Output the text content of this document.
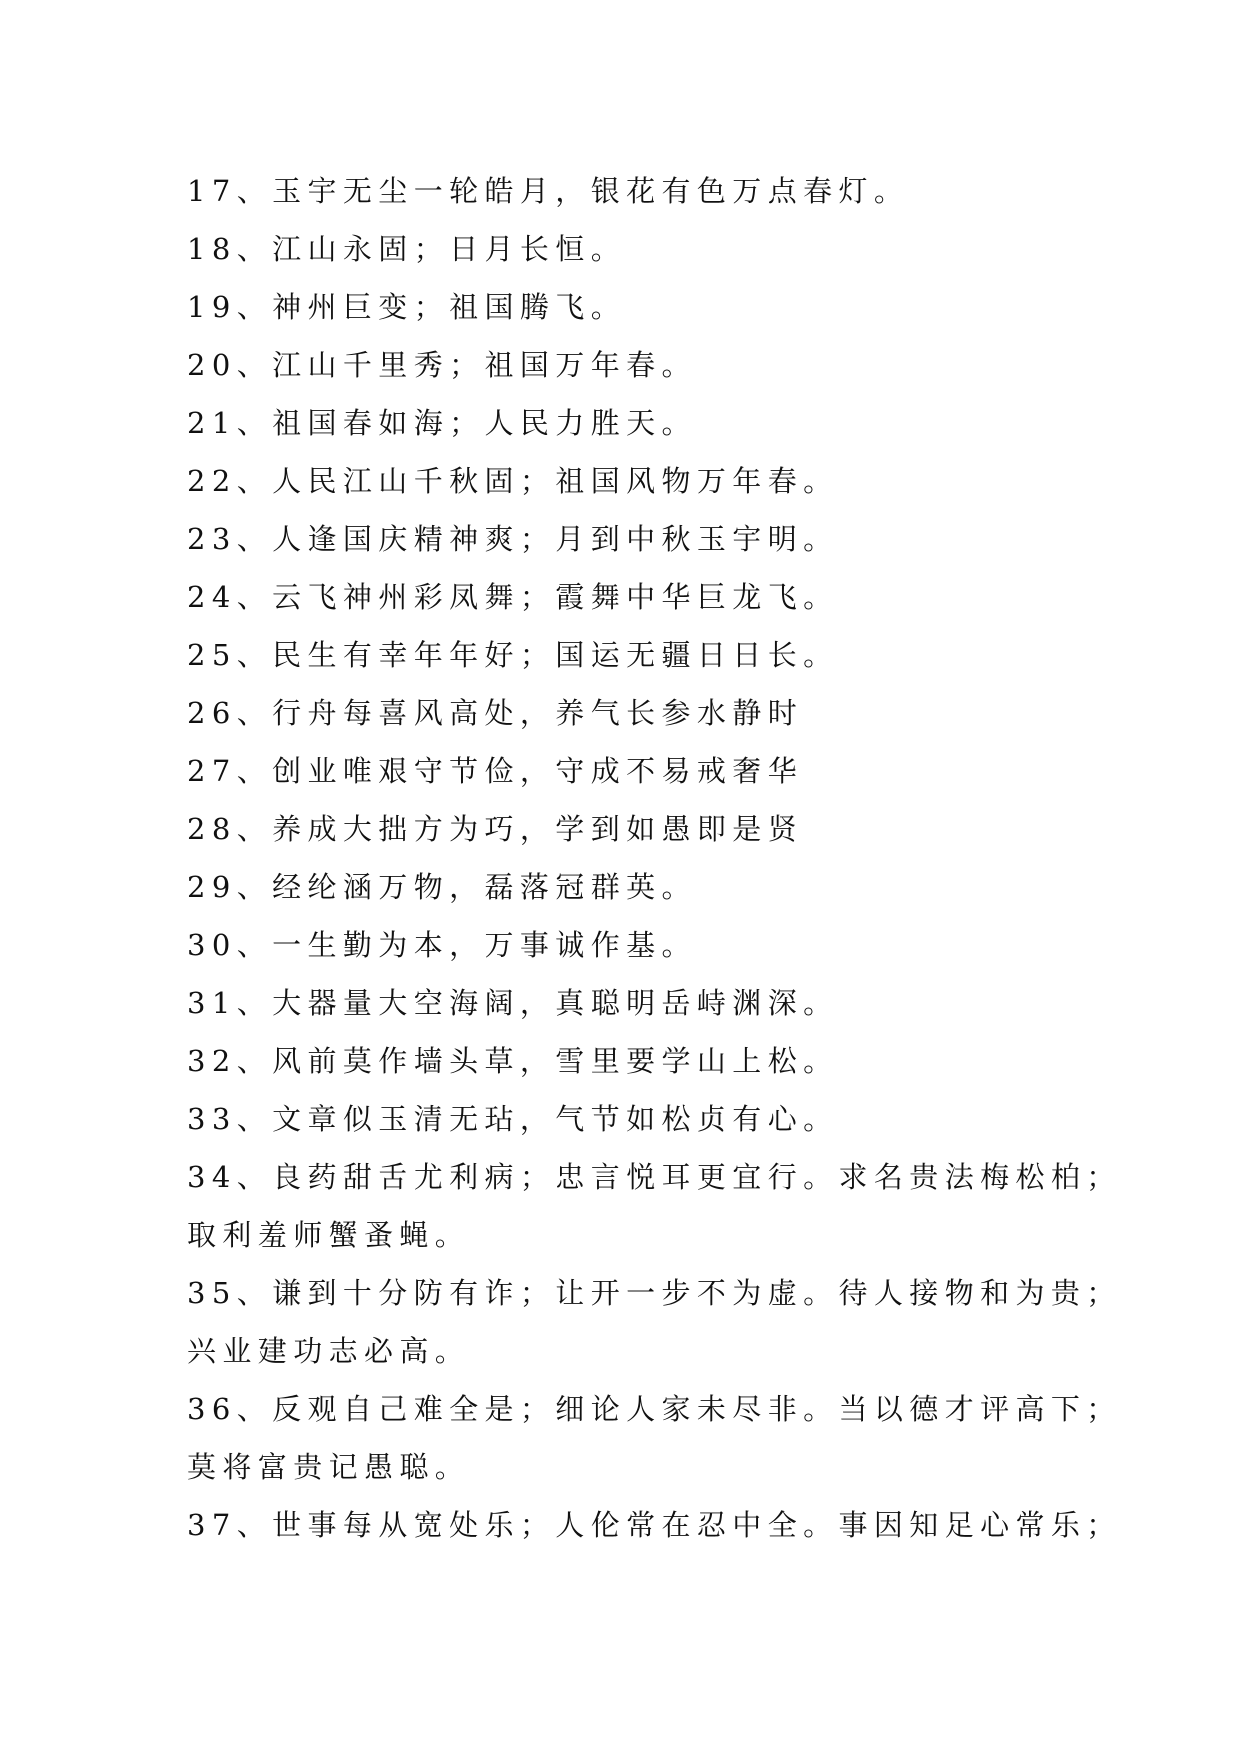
17、玉宇无尘一轮皓月，银花有色万点春灯。

18、江山永固；日月长恒。

19、神州巨变；祖国腾飞。

20、江山千里秀；祖国万年春。

21、祖国春如海；人民力胜天。

22、人民江山千秋固；祖国风物万年春。

23、人逢国庆精神爽；月到中秋玉宇明。

24、云飞神州彩凤舞；霞舞中华巨龙飞。

25、民生有幸年年好；国运无疆日日长。

26、行舟每喜风高处，养气长参水静时

27、创业唯艰守节俭，守成不易戒奢华

28、养成大拙方为巧，学到如愚即是贤

29、经纶涵万物，磊落冠群英。

30、一生勤为本，万事诚作基。

31、大器量大空海阔，真聪明岳峙渊深。

32、风前莫作墙头草，雪里要学山上松。

33、文章似玉清无玷，气节如松贞有心。

34、良药甜舌尤利病；忠言悦耳更宜行。求名贵法梅松柏；

取利羞师蟹蚤蝇。

35、谦到十分防有诈；让开一步不为虚。待人接物和为贵；

兴业建功志必高。

36、反观自己难全是；细论人家未尽非。当以德才评高下；

莫将富贵记愚聪。

37、世事每从宽处乐；人伦常在忍中全。事因知足心常乐；
